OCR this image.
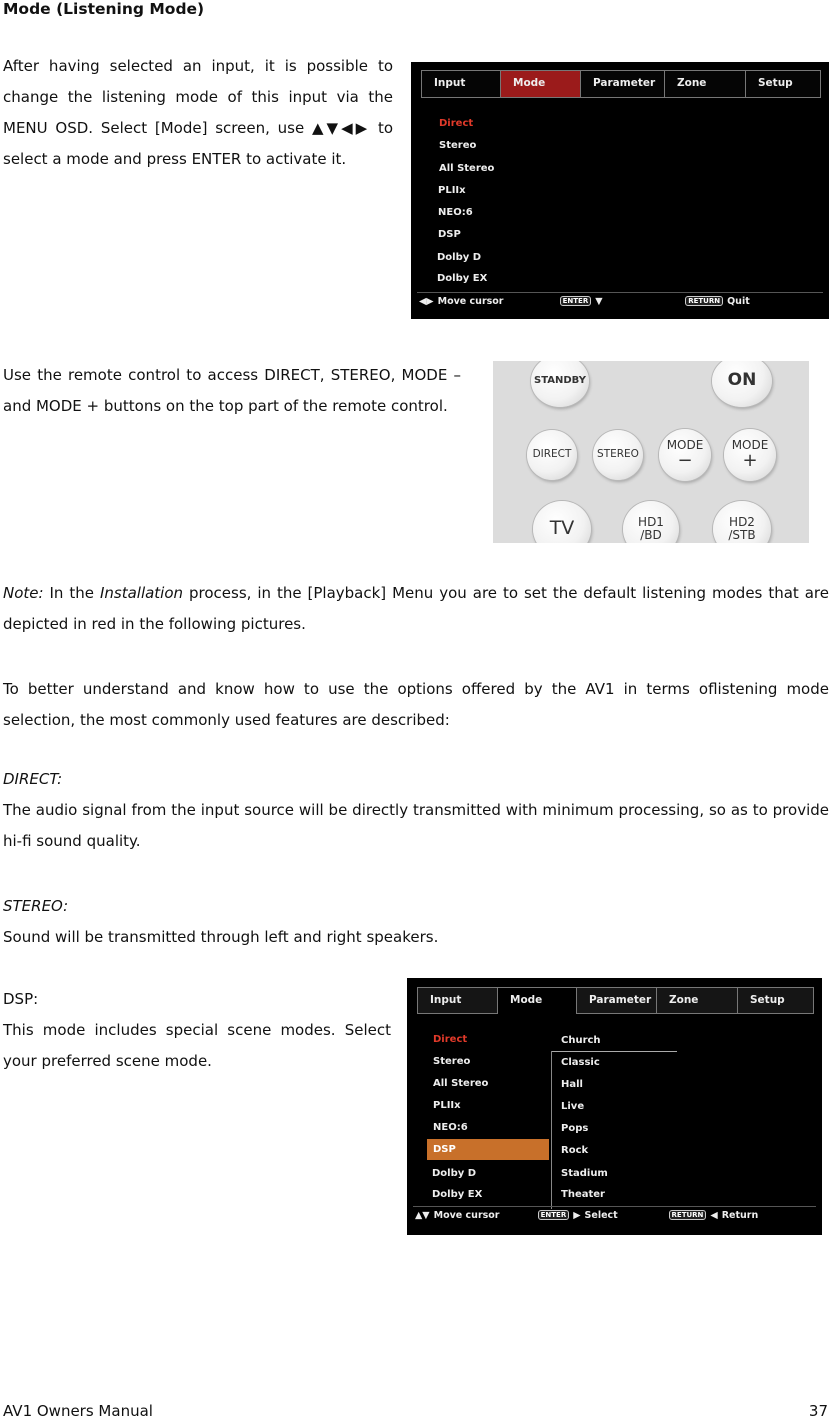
Mode (Listening Mode)
After having selected an input, it is possible to change the listening mode of this input via the MENU OSD. Select [Mode] screen, use ▲▼◀▶ to select a mode and press ENTER to activate it.
Input	Mode	Parameter	Zone	Setup
Direct
Stereo
All Stereo
PLIIx
NEO:6
DSP
Dolby D
Dolby EX
◀▶ Move cursor	ENTER ▼	RETURN Quit
Use the remote control to access DIRECT, STEREO, MODE – and MODE + buttons on the top part of the remote control.
STANDBY	ON
DIRECT STEREO
MODE
−
MODE
+
TV	HD1
/BD
HD2
/STB
Note: In the Installation process, in the [Playback] Menu you are to set the default listening modes that are depicted in red in the following pictures.
To better understand and know how to use the options offered by the AV1 in terms oflistening mode selection, the most commonly used features are described:
DIRECT:
The audio signal from the input source will be directly transmitted with minimum processing, so as to provide hi-fi sound quality.
STEREO:
Sound will be transmitted through left and right speakers.
DSP:
This mode includes special scene modes. Select your preferred scene mode.
Input	Mode	Parameter	Zone	Setup
Direct
Stereo
All Stereo
PLIIx
NEO:6
DSP
Dolby D
Dolby EX
Church
Classic
Hall
Live
Pops
Rock
Stadium
Theater
▲▼ Move cursor	ENTER ▶ Select	RETURN ◀ Return
AV1 Owners Manual	37
